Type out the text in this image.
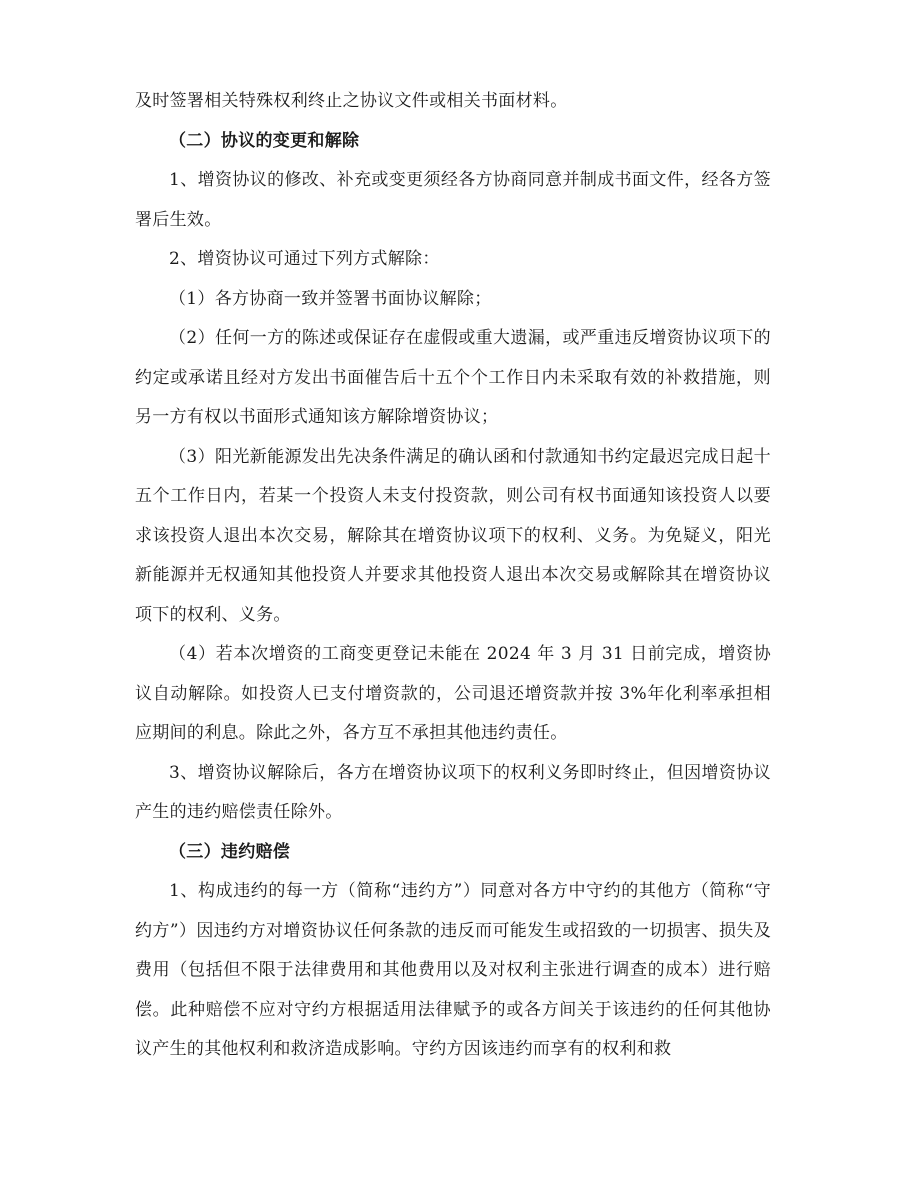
及时签署相关特殊权利终止之协议文件或相关书面材料。

（二）协议的变更和解除

1、增资协议的修改、补充或变更须经各方协商同意并制成书面文件，经各方签署后生效。

2、增资协议可通过下列方式解除：

（1）各方协商一致并签署书面协议解除；

（2）任何一方的陈述或保证存在虚假或重大遗漏，或严重违反增资协议项下的约定或承诺且经对方发出书面催告后十五个个工作日内未采取有效的补救措施，则另一方有权以书面形式通知该方解除增资协议；

（3）阳光新能源发出先决条件满足的确认函和付款通知书约定最迟完成日起十五个工作日内，若某一个投资人未支付投资款，则公司有权书面通知该投资人以要求该投资人退出本次交易，解除其在增资协议项下的权利、义务。为免疑义，阳光新能源并无权通知其他投资人并要求其他投资人退出本次交易或解除其在增资协议项下的权利、义务。

（4）若本次增资的工商变更登记未能在 2024 年 3 月 31 日前完成，增资协议自动解除。如投资人已支付增资款的，公司退还增资款并按 3%年化利率承担相应期间的利息。除此之外，各方互不承担其他违约责任。

3、增资协议解除后，各方在增资协议项下的权利义务即时终止，但因增资协议产生的违约赔偿责任除外。

（三）违约赔偿

1、构成违约的每一方（简称“违约方”）同意对各方中守约的其他方（简称“守约方”）因违约方对增资协议任何条款的违反而可能发生或招致的一切损害、损失及费用（包括但不限于法律费用和其他费用以及对权利主张进行调查的成本）进行赔偿。此种赔偿不应对守约方根据适用法律赋予的或各方间关于该违约的任何其他协议产生的其他权利和救济造成影响。守约方因该违约而享有的权利和救
